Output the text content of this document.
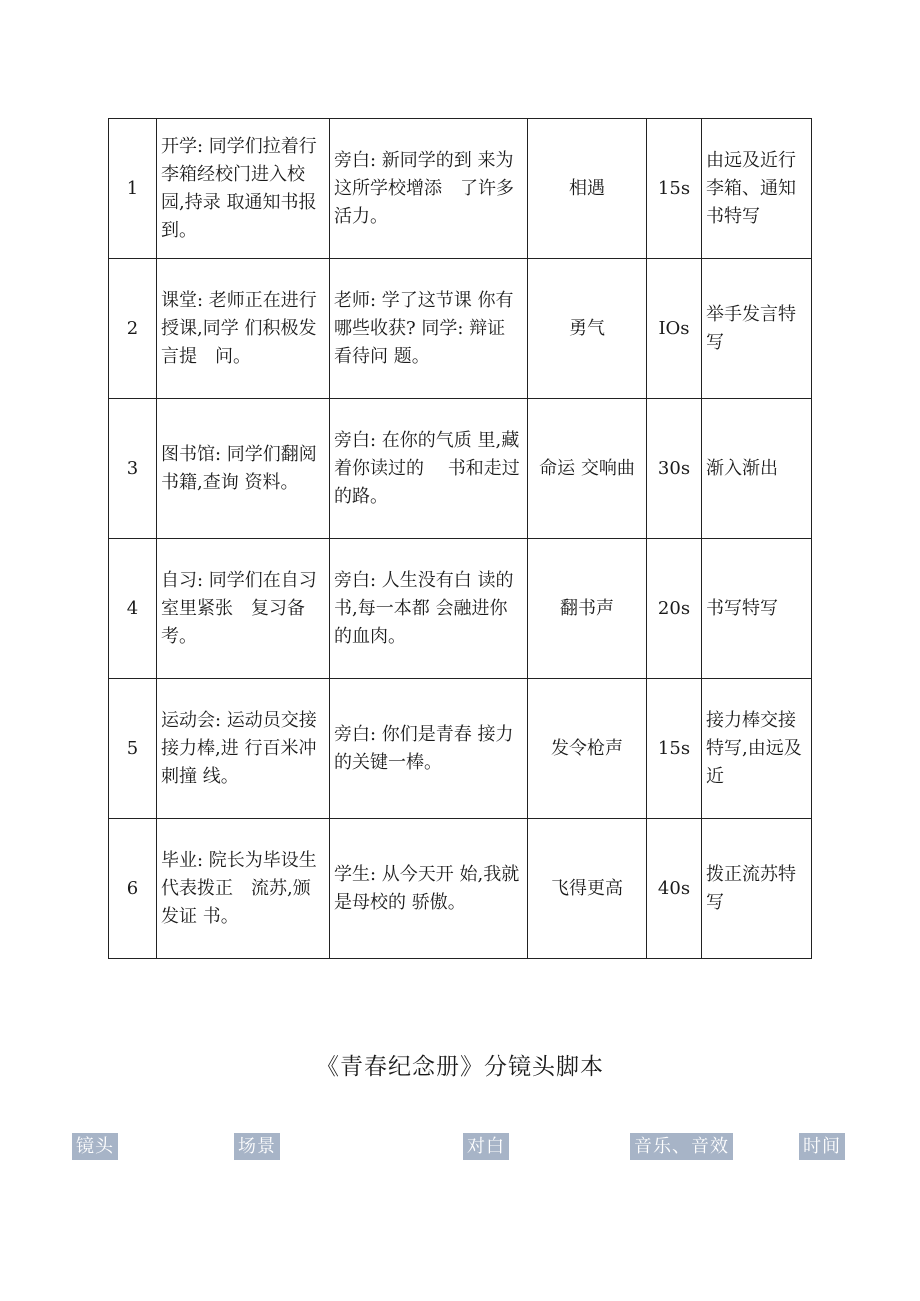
1	开学: 同学们拉着行李箱经校门进入校园,持录 取通知书报到。	旁白: 新同学的到 来为这所学校增添　了许多活力。	相遇	15s	由远及近行李箱、通知书特写
2	课堂: 老师正在进行授课,同学 们积极发言提　问。	老师: 学了这节课 你有哪些收获? 同学: 辩证看待问 题。	勇气	IOs	举手发言特写
3	图书馆: 同学们翻阅书籍,查询 资料。	旁白: 在你的气质 里,藏着你读过的　 书和走过的路。	命运 交响曲	30s	渐入渐出
4	自习: 同学们在自习室里紧张　复习备考。	旁白: 人生没有白 读的书,每一本都 会融进你的血肉。	翻书声	20s	书写特写
5	运动会: 运动员交接接力棒,进 行百米冲刺撞 线。	旁白: 你们是青春 接力的关键一棒。	发令枪声	15s	接力棒交接特写,由远及近
6	毕业: 院长为毕设生代表拨正　流苏,颁发证 书。	学生: 从今天开 始,我就是母校的 骄傲。	飞得更高	40s	拨正流苏特 写
《青春纪念册》分镜头脚本
镜头	场景	对白	音乐、音效	时间
